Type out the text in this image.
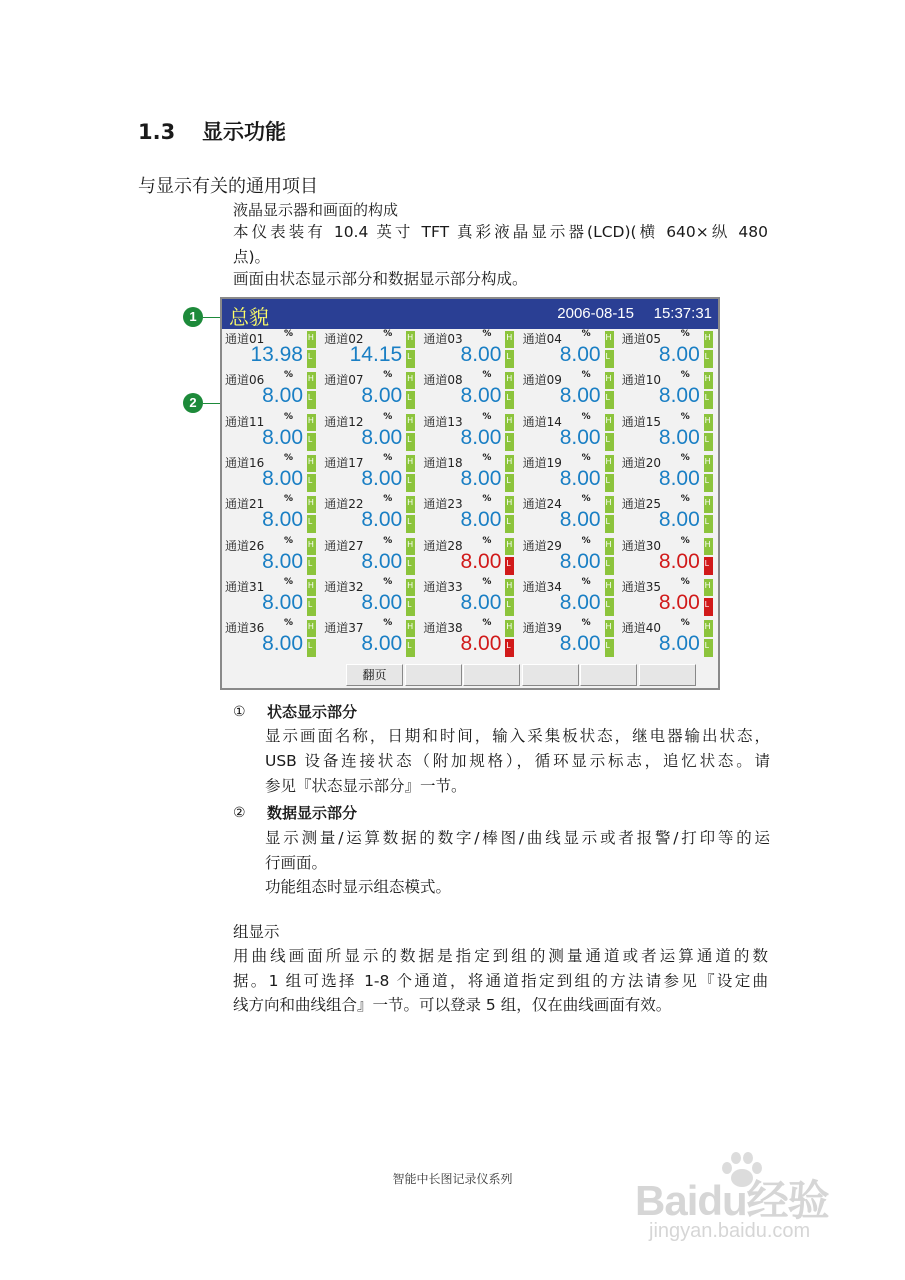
1.3 显示功能
与显示有关的通用项目
液晶显示器和画面的构成
本仪表装有 10.4 英寸 TFT 真彩液晶显示器(LCD)(横 640×纵 480
点)。
画面由状态显示部分和数据显示部分构成。
1
2
总貌	2006-08-15 15:37:31
通道01 %
13.98
H
L
通道02 %
14.15
H
L
通道03 %
8.00
H
L
通道04 %
8.00
H
L
通道05 %
8.00
H
L
通道06 %
8.00
H
L
通道07 %
8.00
H
L
通道08 %
8.00
H
L
通道09 %
8.00
H
L
通道10 %
8.00
H
L
通道11 %
8.00
H
L
通道12 %
8.00
H
L
通道13 %
8.00
H
L
通道14 %
8.00
H
L
通道15 %
8.00
H
L
通道16 %
8.00
H
L
通道17 %
8.00
H
L
通道18 %
8.00
H
L
通道19 %
8.00
H
L
通道20 %
8.00
H
L
通道21 %
8.00
H
L
通道22 %
8.00
H
L
通道23 %
8.00
H
L
通道24 %
8.00
H
L
通道25 %
8.00
H
L
通道26 %
8.00
H
L
通道27 %
8.00
H
L
通道28 %
8.00
H
L
通道29 %
8.00
H
L
通道30 %
8.00
H
L
通道31 %
8.00
H
L
通道32 %
8.00
H
L
通道33 %
8.00
H
L
通道34 %
8.00
H
L
通道35 %
8.00
H
L
通道36 %
8.00
H
L
通道37 %
8.00
H
L
通道38 %
8.00
H
L
通道39 %
8.00
H
L
通道40 %
8.00
H
L
翻页
① 状态显示部分
显示画面名称，日期和时间，输入采集板状态，继电器输出状态，
USB 设备连接状态（附加规格），循环显示标志，追忆状态。请
参见『状态显示部分』一节。
② 数据显示部分
显示测量/运算数据的数字/棒图/曲线显示或者报警/打印等的运
行画面。
功能组态时显示组态模式。
组显示
用曲线画面所显示的数据是指定到组的测量通道或者运算通道的数
据。1 组可选择 1-8 个通道，将通道指定到组的方法请参见『设定曲
线方向和曲线组合』一节。可以登录 5 组，仅在曲线画面有效。
智能中长图记录仪系列	Baidu经验
jingyan.baidu.com
